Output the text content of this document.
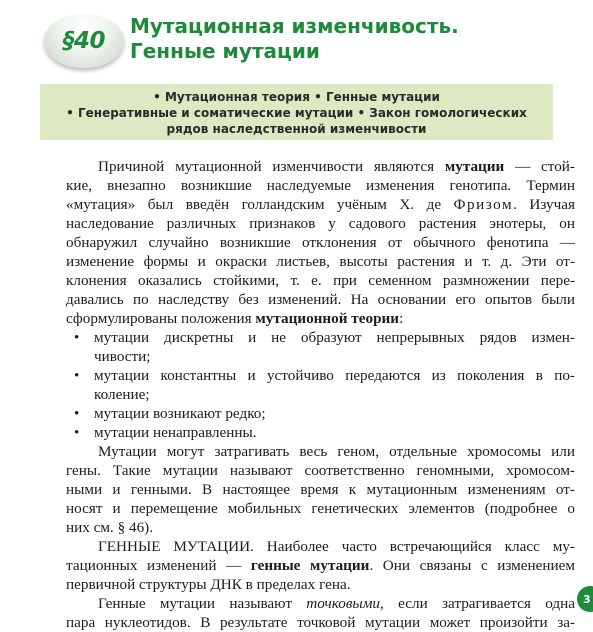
§40
Мутационная изменчивость.
Генные мутации
• Мутационная теория • Генные мутации
• Генеративные и соматические мутации • Закон гомологических
рядов наследственной изменчивости
Причиной мутационной изменчивости являются мутации — стой-
кие, внезапно возникшие наследуемые изменения генотипа. Термин
«мутация» был введён голландским учёным Х. де Фризом. Изучая
наследование различных признаков у садового растения энотеры, он
обнаружил случайно возникшие отклонения от обычного фенотипа —
изменение формы и окраски листьев, высоты растения и т. д. Эти от-
клонения оказались стойкими, т. е. при семенном размножении пере-
давались по наследству без изменений. На основании его опытов были
сформулированы положения мутационной теории:
• мутации дискретны и не образуют непрерывных рядов измен-
чивости;
• мутации константны и устойчиво передаются из поколения в по-
коление;
• мутации возникают редко;
• мутации ненаправленны.
Мутации могут затрагивать весь геном, отдельные хромосомы или
гены. Такие мутации называют соответственно геномными, хромосом-
ными и генными. В настоящее время к мутационным изменениям от-
носят и перемещение мобильных генетических элементов (подробнее о
них см. § 46).
ГЕННЫЕ МУТАЦИИ. Наиболее часто встречающийся класс му-
тационных изменений — генные мутации. Они связаны с изменением
первичной структуры ДНК в пределах гена.
Генные мутации называют точковыми, если затрагивается одна
пара нуклеотидов. В результате точковой мутации может произойти за-
3
